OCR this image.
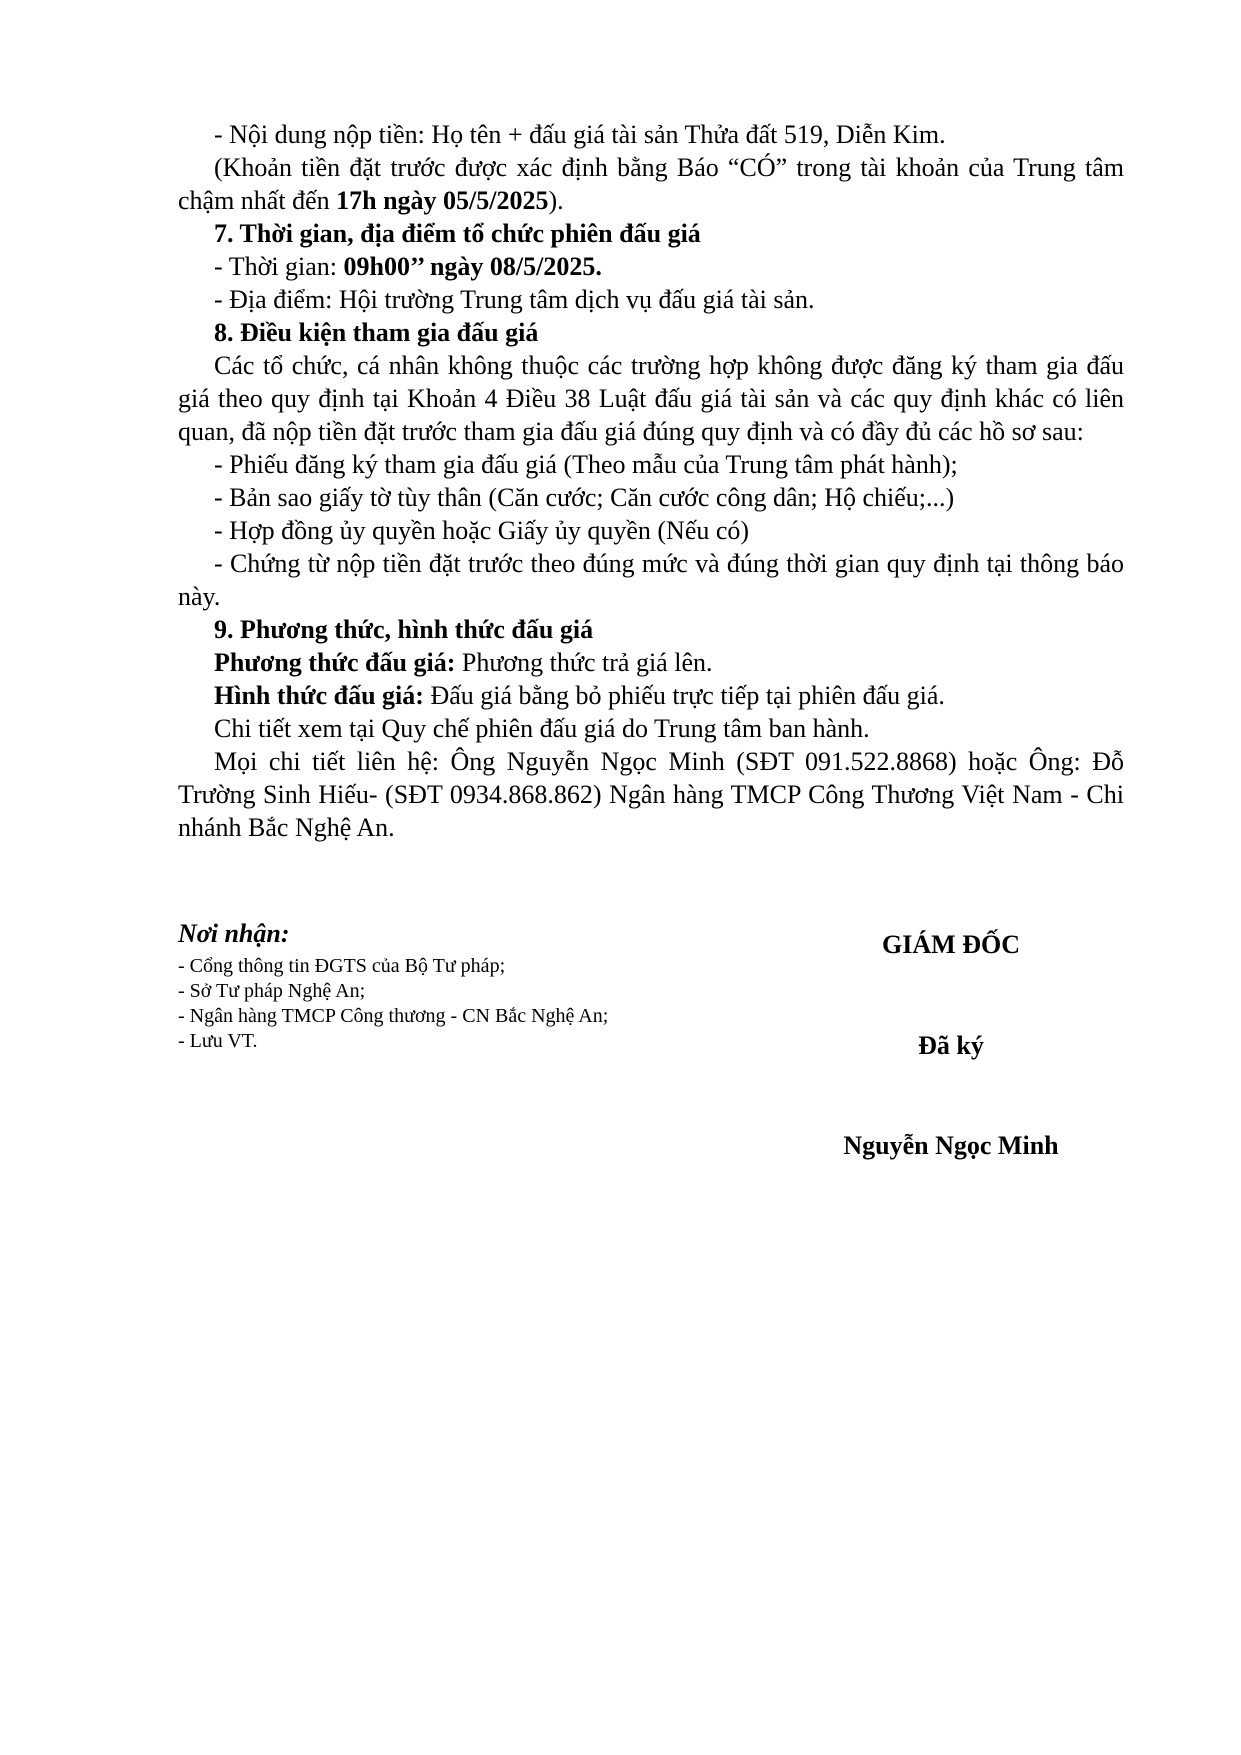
- Nội dung nộp tiền: Họ tên + đấu giá tài sản Thửa đất 519, Diễn Kim.

(Khoản tiền đặt trước được xác định bằng Báo “CÓ” trong tài khoản của Trung tâm chậm nhất đến 17h ngày 05/5/2025).

7. Thời gian, địa điểm tổ chức phiên đấu giá

- Thời gian: 09h00’’ ngày 08/5/2025.

- Địa điểm: Hội trường Trung tâm dịch vụ đấu giá tài sản.

8. Điều kiện tham gia đấu giá

Các tổ chức, cá nhân không thuộc các trường hợp không được đăng ký tham gia đấu giá theo quy định tại Khoản 4 Điều 38 Luật đấu giá tài sản và các quy định khác có liên quan, đã nộp tiền đặt trước tham gia đấu giá đúng quy định và có đầy đủ các hồ sơ sau:

- Phiếu đăng ký tham gia đấu giá (Theo mẫu của Trung tâm phát hành);

- Bản sao giấy tờ tùy thân (Căn cước; Căn cước công dân; Hộ chiếu;...)

- Hợp đồng ủy quyền hoặc Giấy ủy quyền (Nếu có)

- Chứng từ nộp tiền đặt trước theo đúng mức và đúng thời gian quy định tại thông báo này.

9. Phương thức, hình thức đấu giá

Phương thức đấu giá: Phương thức trả giá lên.

Hình thức đấu giá: Đấu giá bằng bỏ phiếu trực tiếp tại phiên đấu giá.

Chi tiết xem tại Quy chế phiên đấu giá do Trung tâm ban hành.

Mọi chi tiết liên hệ: Ông Nguyễn Ngọc Minh (SĐT 091.522.8868) hoặc Ông: Đỗ Trường Sinh Hiếu- (SĐT 0934.868.862) Ngân hàng TMCP Công Thương Việt Nam - Chi nhánh Bắc Nghệ An.

Nơi nhận:

- Cổng thông tin ĐGTS của Bộ Tư pháp;

- Sở Tư pháp Nghệ An;

- Ngân hàng TMCP Công thương - CN Bắc Nghệ An;

- Lưu VT.

GIÁM ĐỐC

Đã ký

Nguyễn Ngọc Minh
